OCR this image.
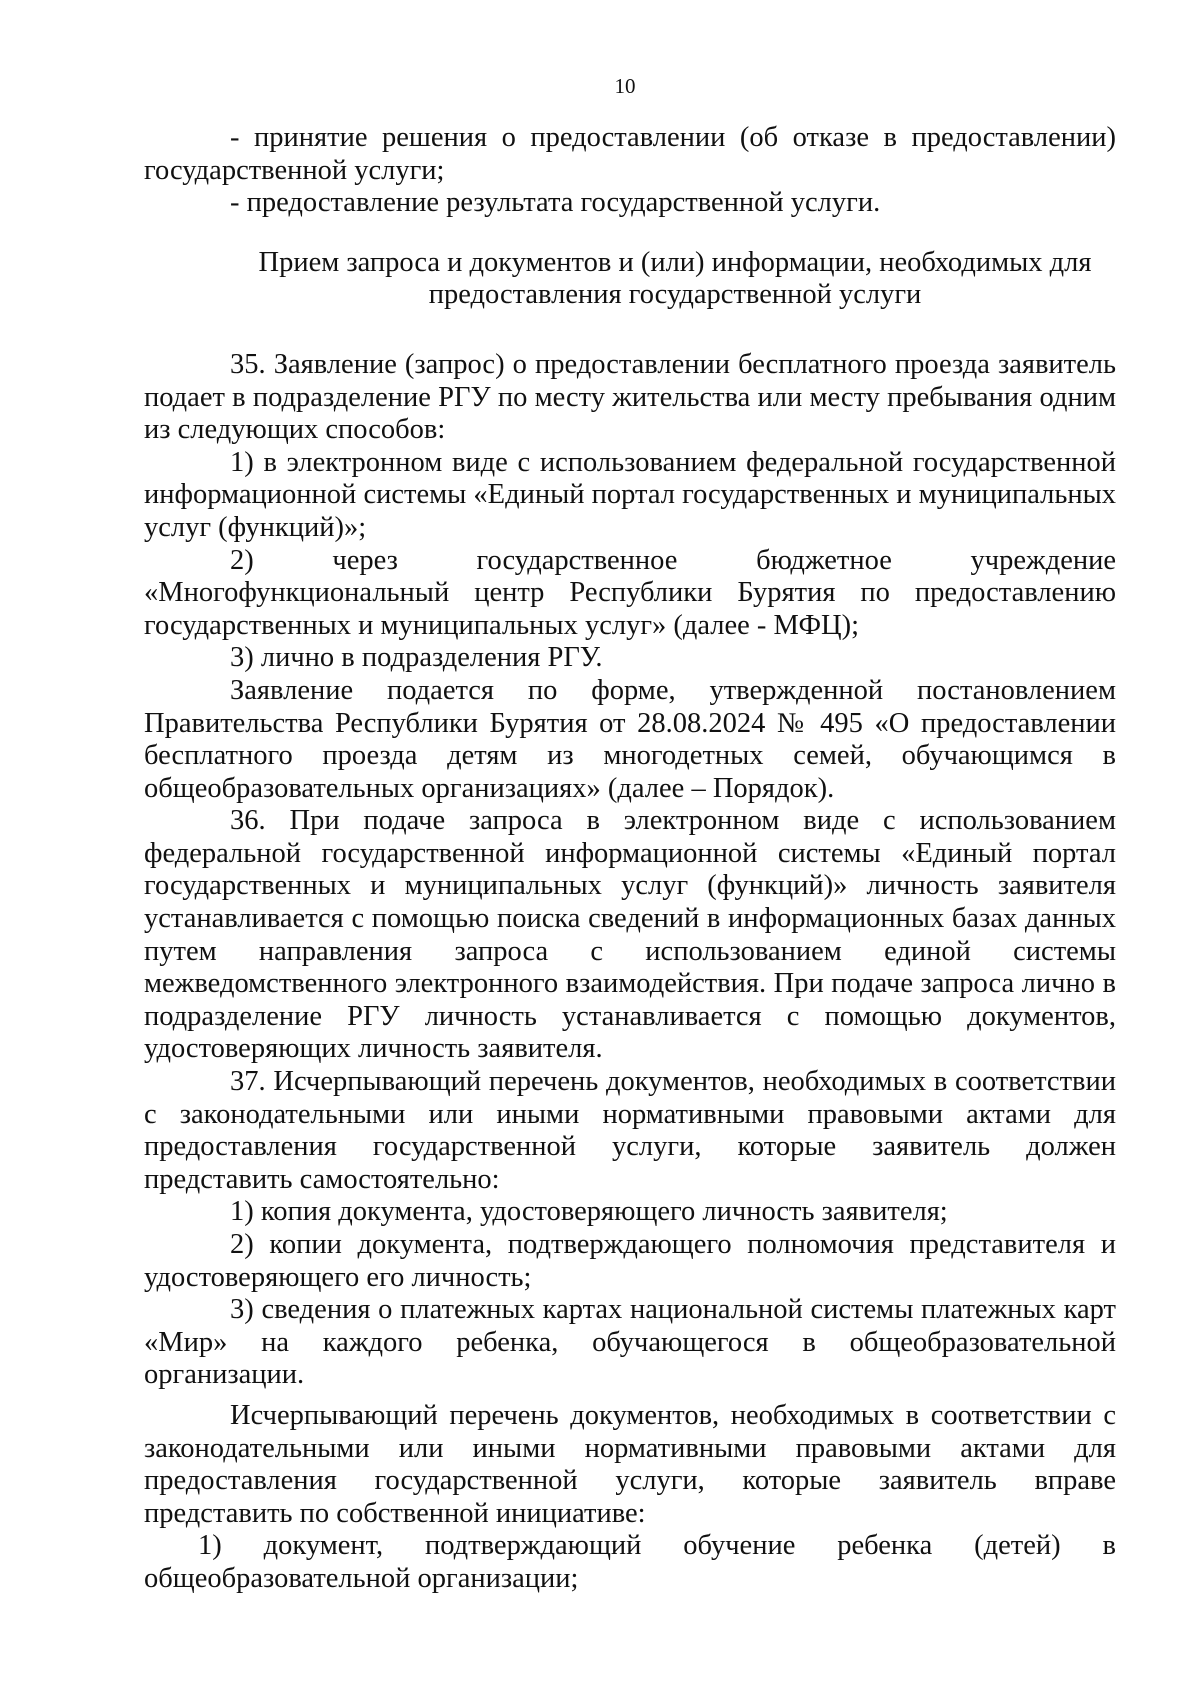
10

- принятие решения о предоставлении (об отказе в предоставлении) государственной услуги;

- предоставление результата государственной услуги.

Прием запроса и документов и (или) информации, необходимых для предоставления государственной услуги

35. Заявление (запрос) о предоставлении бесплатного проезда заявитель подает в подразделение РГУ по месту жительства или месту пребывания одним из следующих способов:

1) в электронном виде с использованием федеральной государственной информационной системы «Единый портал государственных и муниципальных услуг (функций)»;

2) через государственное бюджетное учреждение «Многофункциональный центр Республики Бурятия по предоставлению государственных и муниципальных услуг» (далее - МФЦ);

3) лично в подразделения РГУ.

Заявление подается по форме, утвержденной постановлением Правительства Республики Бурятия от 28.08.2024 № 495 «О предоставлении бесплатного проезда детям из многодетных семей, обучающимся в общеобразовательных организациях» (далее – Порядок).

36. При подаче запроса в электронном виде с использованием федеральной государственной информационной системы «Единый портал государственных и муниципальных услуг (функций)» личность заявителя устанавливается с помощью поиска сведений в информационных базах данных путем направления запроса с использованием единой системы межведомственного электронного взаимодействия. При подаче запроса лично в подразделение РГУ личность устанавливается с помощью документов, удостоверяющих личность заявителя.

37. Исчерпывающий перечень документов, необходимых в соответствии с законодательными или иными нормативными правовыми актами для предоставления государственной услуги, которые заявитель должен представить самостоятельно:

1) копия документа, удостоверяющего личность заявителя;

2) копии документа, подтверждающего полномочия представителя и удостоверяющего его личность;

3) сведения о платежных картах национальной системы платежных карт «Мир» на каждого ребенка, обучающегося в общеобразовательной организации.

Исчерпывающий перечень документов, необходимых в соответствии с законодательными или иными нормативными правовыми актами для предоставления государственной услуги, которые заявитель вправе представить по собственной инициативе:

1) документ, подтверждающий обучение ребенка (детей) в общеобразовательной организации;
